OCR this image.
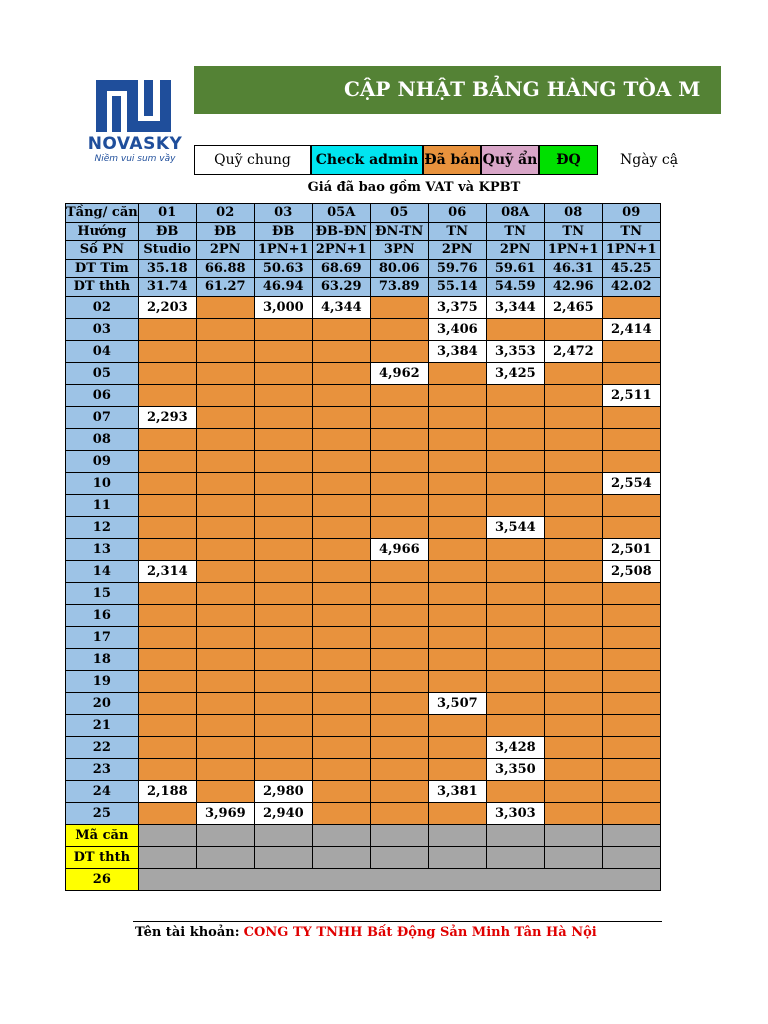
NOVASKY
Niềm vui sum vầy
CẬP NHẬT BẢNG HÀNG TÒA M
Quỹ chung	Check admin Đã bán Quỹ ẩn	ĐQ	Ngày cậ
Giá đã bao gồm VAT và KPBT
Tầng/ căn	01	02	03	05A	05	06	08A	08	09
Hướng	ĐB	ĐB	ĐB	ĐB-ĐN	ĐN-TN	TN	TN	TN	TN
Số PN	Studio	2PN	1PN+1	2PN+1	3PN	2PN	2PN	1PN+1	1PN+1
DT Tim	35.18	66.88	50.63	68.69	80.06	59.76	59.61	46.31	45.25
DT thth	31.74	61.27	46.94	63.29	73.89	55.14	54.59	42.96	42.02
02	2,203		3,000	4,344		3,375	3,344	2,465	
03						3,406			2,414
04						3,384	3,353	2,472	
05					4,962		3,425		
06									2,511
07	2,293								
08									
09									
10									2,554
11									
12							3,544		
13					4,966				2,501
14	2,314								2,508
15									
16									
17									
18									
19									
20						3,507			
21									
22							3,428		
23							3,350		
24	2,188		2,980			3,381			
25		3,969	2,940				3,303		
Mã căn									
DT thth									
26									
Tên tài khoản: CONG TY TNHH Bất Động Sản Minh Tân Hà Nội
